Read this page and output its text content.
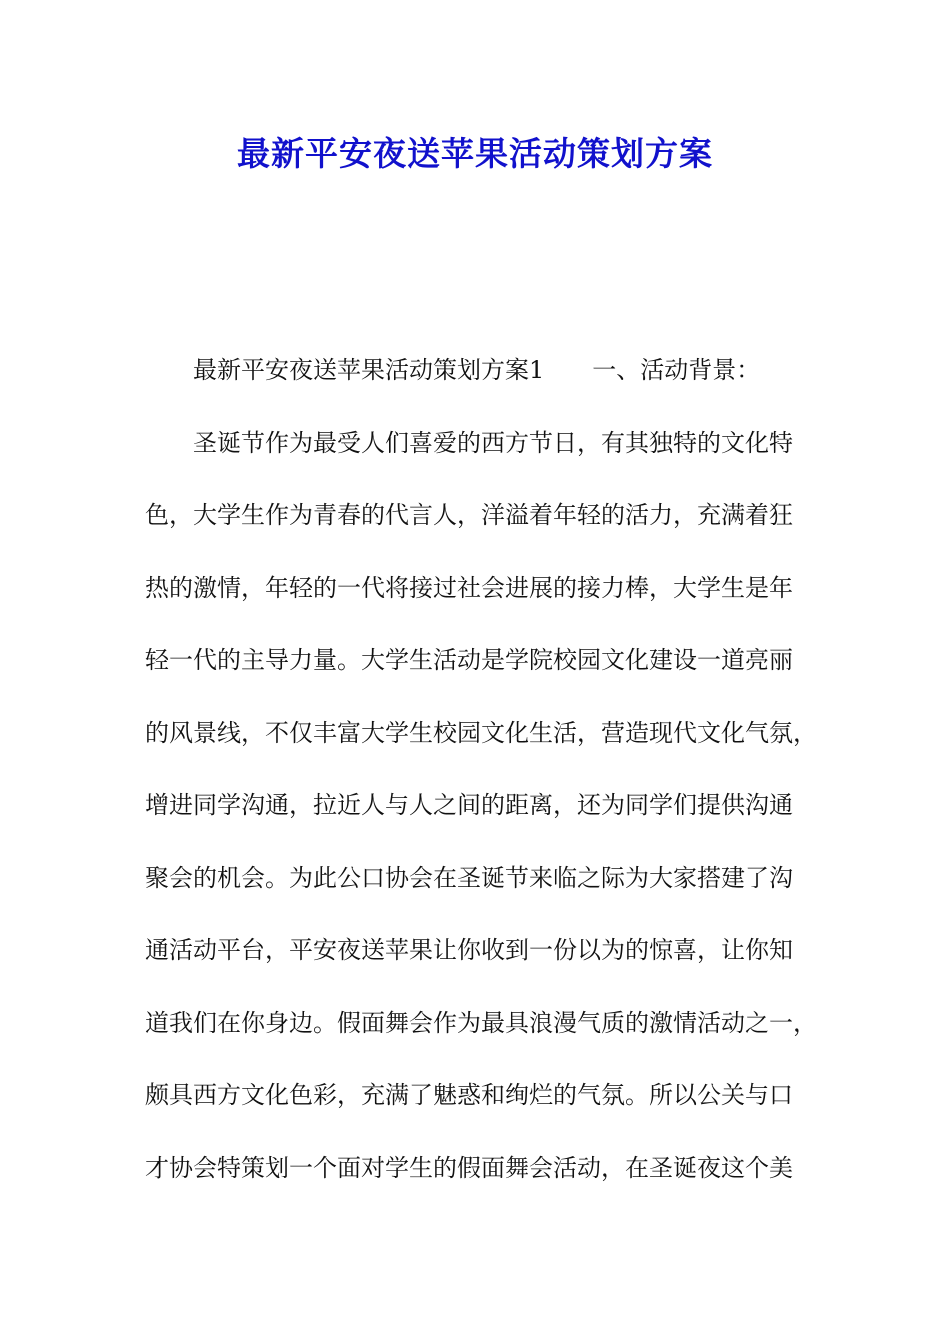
最新平安夜送苹果活动策划方案
最新平安夜送苹果活动策划方案1 一、活动背景：
圣诞节作为最受人们喜爱的西方节日，有其独特的文化特
色，大学生作为青春的代言人，洋溢着年轻的活力，充满着狂
热的激情，年轻的一代将接过社会进展的接力棒，大学生是年
轻一代的主导力量。大学生活动是学院校园文化建设一道亮丽
的风景线，不仅丰富大学生校园文化生活，营造现代文化气氛，
增进同学沟通，拉近人与人之间的距离，还为同学们提供沟通
聚会的机会。为此公口协会在圣诞节来临之际为大家搭建了沟
通活动平台，平安夜送苹果让你收到一份以为的惊喜，让你知
道我们在你身边。假面舞会作为最具浪漫气质的激情活动之一，
颇具西方文化色彩，充满了魅惑和绚烂的气氛。所以公关与口
才协会特策划一个面对学生的假面舞会活动，在圣诞夜这个美
